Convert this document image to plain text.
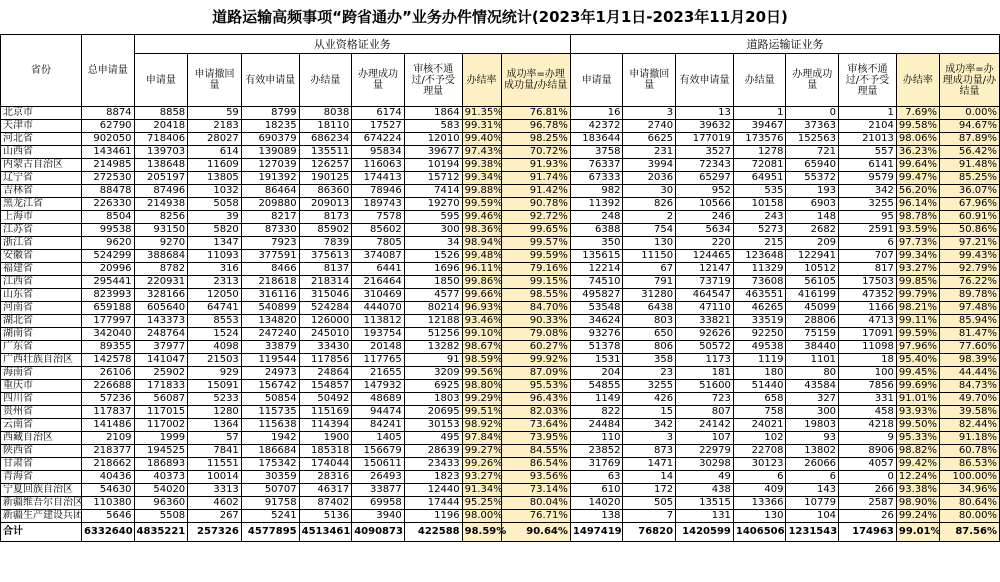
道路运输高频事项“跨省通办”业务办件情况统计(2023年1月1日-2023年11月20日)
省份	总申请量	从业资格证业务								道路运输证业务							
		申请量	申请撤回量	有效申请量	办结量	办理成功量	审核不通过/不予受理量	办结率	成功率=办理成功量/办结量	申请量	申请撤回量	有效申请量	办结量	办理成功量	审核不通过/不予受理量	办结率	成功率=办理成功量/办结量
北京市	8874	8858	59	8799	8038	6174	1864	91.35%	76.81%	16	3	13	1	0	1	7.69%	0.00%
天津市	62790	20418	2183	18235	18110	17527	583	99.31%	96.78%	42372	2740	39632	39467	37363	2104	99.58%	94.67%
河北省	902050	718406	28027	690379	686234	674224	12010	99.40%	98.25%	183644	6625	177019	173576	152563	21013	98.06%	87.89%
山西省	143461	139703	614	139089	135511	95834	39677	97.43%	70.72%	3758	231	3527	1278	721	557	36.23%	56.42%
内蒙古自治区	214985	138648	11609	127039	126257	116063	10194	99.38%	91.93%	76337	3994	72343	72081	65940	6141	99.64%	91.48%
辽宁省	272530	205197	13805	191392	190125	174413	15712	99.34%	91.74%	67333	2036	65297	64951	55372	9579	99.47%	85.25%
吉林省	88478	87496	1032	86464	86360	78946	7414	99.88%	91.42%	982	30	952	535	193	342	56.20%	36.07%
黑龙江省	226330	214938	5058	209880	209013	189743	19270	99.59%	90.78%	11392	826	10566	10158	6903	3255	96.14%	67.96%
上海市	8504	8256	39	8217	8173	7578	595	99.46%	92.72%	248	2	246	243	148	95	98.78%	60.91%
江苏省	99538	93150	5820	87330	85902	85602	300	98.36%	99.65%	6388	754	5634	5273	2682	2591	93.59%	50.86%
浙江省	9620	9270	1347	7923	7839	7805	34	98.94%	99.57%	350	130	220	215	209	6	97.73%	97.21%
安徽省	524299	388684	11093	377591	375613	374087	1526	99.48%	99.59%	135615	11150	124465	123648	122941	707	99.34%	99.43%
福建省	20996	8782	316	8466	8137	6441	1696	96.11%	79.16%	12214	67	12147	11329	10512	817	93.27%	92.79%
江西省	295441	220931	2313	218618	218314	216464	1850	99.86%	99.15%	74510	791	73719	73608	56105	17503	99.85%	76.22%
山东省	823993	328166	12050	316116	315046	310469	4577	99.66%	98.55%	495827	31280	464547	463551	416199	47352	99.79%	89.78%
河南省	659188	605640	64741	540899	524284	444070	80214	96.93%	84.70%	53548	6438	47110	46265	45099	1166	98.21%	97.48%
湖北省	177997	143373	8553	134820	126000	113812	12188	93.46%	90.33%	34624	803	33821	33519	28806	4713	99.11%	85.94%
湖南省	342040	248764	1524	247240	245010	193754	51256	99.10%	79.08%	93276	650	92626	92250	75159	17091	99.59%	81.47%
广东省	89355	37977	4098	33879	33430	20148	13282	98.67%	60.27%	51378	806	50572	49538	38440	11098	97.96%	77.60%
广西壮族自治区	142578	141047	21503	119544	117856	117765	91	98.59%	99.92%	1531	358	1173	1119	1101	18	95.40%	98.39%
海南省	26106	25902	929	24973	24864	21655	3209	99.56%	87.09%	204	23	181	180	80	100	99.45%	44.44%
重庆市	226688	171833	15091	156742	154857	147932	6925	98.80%	95.53%	54855	3255	51600	51440	43584	7856	99.69%	84.73%
四川省	57236	56087	5233	50854	50492	48689	1803	99.29%	96.43%	1149	426	723	658	327	331	91.01%	49.70%
贵州省	117837	117015	1280	115735	115169	94474	20695	99.51%	82.03%	822	15	807	758	300	458	93.93%	39.58%
云南省	141486	117002	1364	115638	114394	84241	30153	98.92%	73.64%	24484	342	24142	24021	19803	4218	99.50%	82.44%
西藏自治区	2109	1999	57	1942	1900	1405	495	97.84%	73.95%	110	3	107	102	93	9	95.33%	91.18%
陕西省	218377	194525	7841	186684	185318	156679	28639	99.27%	84.55%	23852	873	22979	22708	13802	8906	98.82%	60.78%
甘肃省	218662	186893	11551	175342	174044	150611	23433	99.26%	86.54%	31769	1471	30298	30123	26066	4057	99.42%	86.53%
青海省	40436	40373	10014	30359	28316	26493	1823	93.27%	93.56%	63	14	49	6	6	0	12.24%	100.00%
宁夏回族自治区	54630	54020	3313	50707	46317	33877	12440	91.34%	73.14%	610	172	438	409	143	266	93.38%	34.96%
新疆维吾尔自治区	110380	96360	4602	91758	87402	69958	17444	95.25%	80.04%	14020	505	13515	13366	10779	2587	98.90%	80.64%
新疆生产建设兵团	5646	5508	267	5241	5136	3940	1196	98.00%	76.71%	138	7	131	130	104	26	99.24%	80.00%
合计	6332640	4835221	257326	4577895	4513461	4090873	422588	98.59%	90.64%	1497419	76820	1420599	1406506	1231543	174963	99.01%	87.56%
